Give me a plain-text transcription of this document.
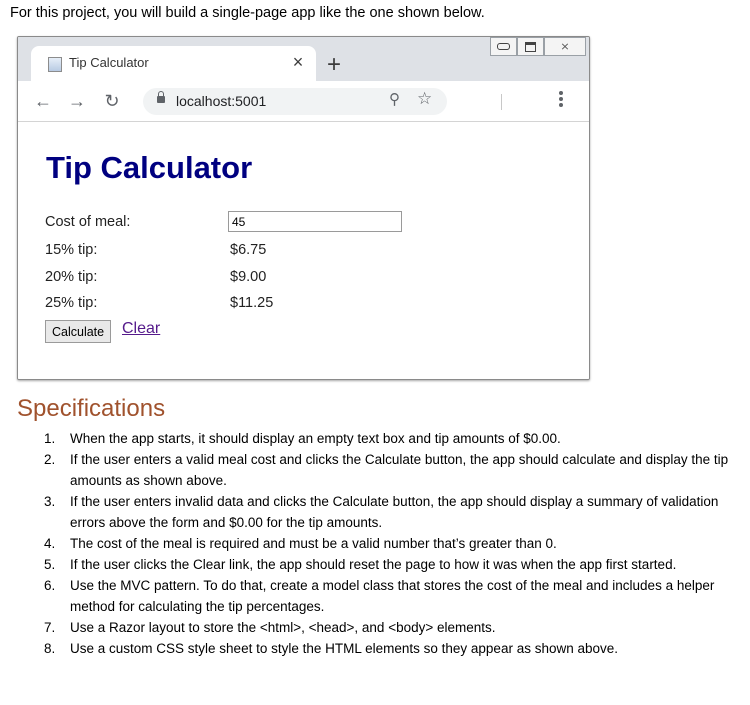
For this project, you will build a single-page app like the one shown below.
Tip Calculator	× +
⨯
← → ↻	localhost:5001	⚲ ☆
Tip Calculator
Cost of meal:
45
15% tip:	$6.75
20% tip:	$9.00
25% tip:	$11.25
Calculate	Clear
Specifications
1. When the app starts, it should display an empty text box and tip amounts of $0.00.
2. If the user enters a valid meal cost and clicks the Calculate button, the app should calculate and display the tip amounts as shown above.
3. If the user enters invalid data and clicks the Calculate button, the app should display a summary of validation errors above the form and $0.00 for the tip amounts.
4. The cost of the meal is required and must be a valid number that’s greater than 0.
5. If the user clicks the Clear link, the app should reset the page to how it was when the app first started.
6. Use the MVC pattern. To do that, create a model class that stores the cost of the meal and includes a helper method for calculating the tip percentages.
7. Use a Razor layout to store the <html>, <head>, and <body> elements.
8. Use a custom CSS style sheet to style the HTML elements so they appear as shown above.
